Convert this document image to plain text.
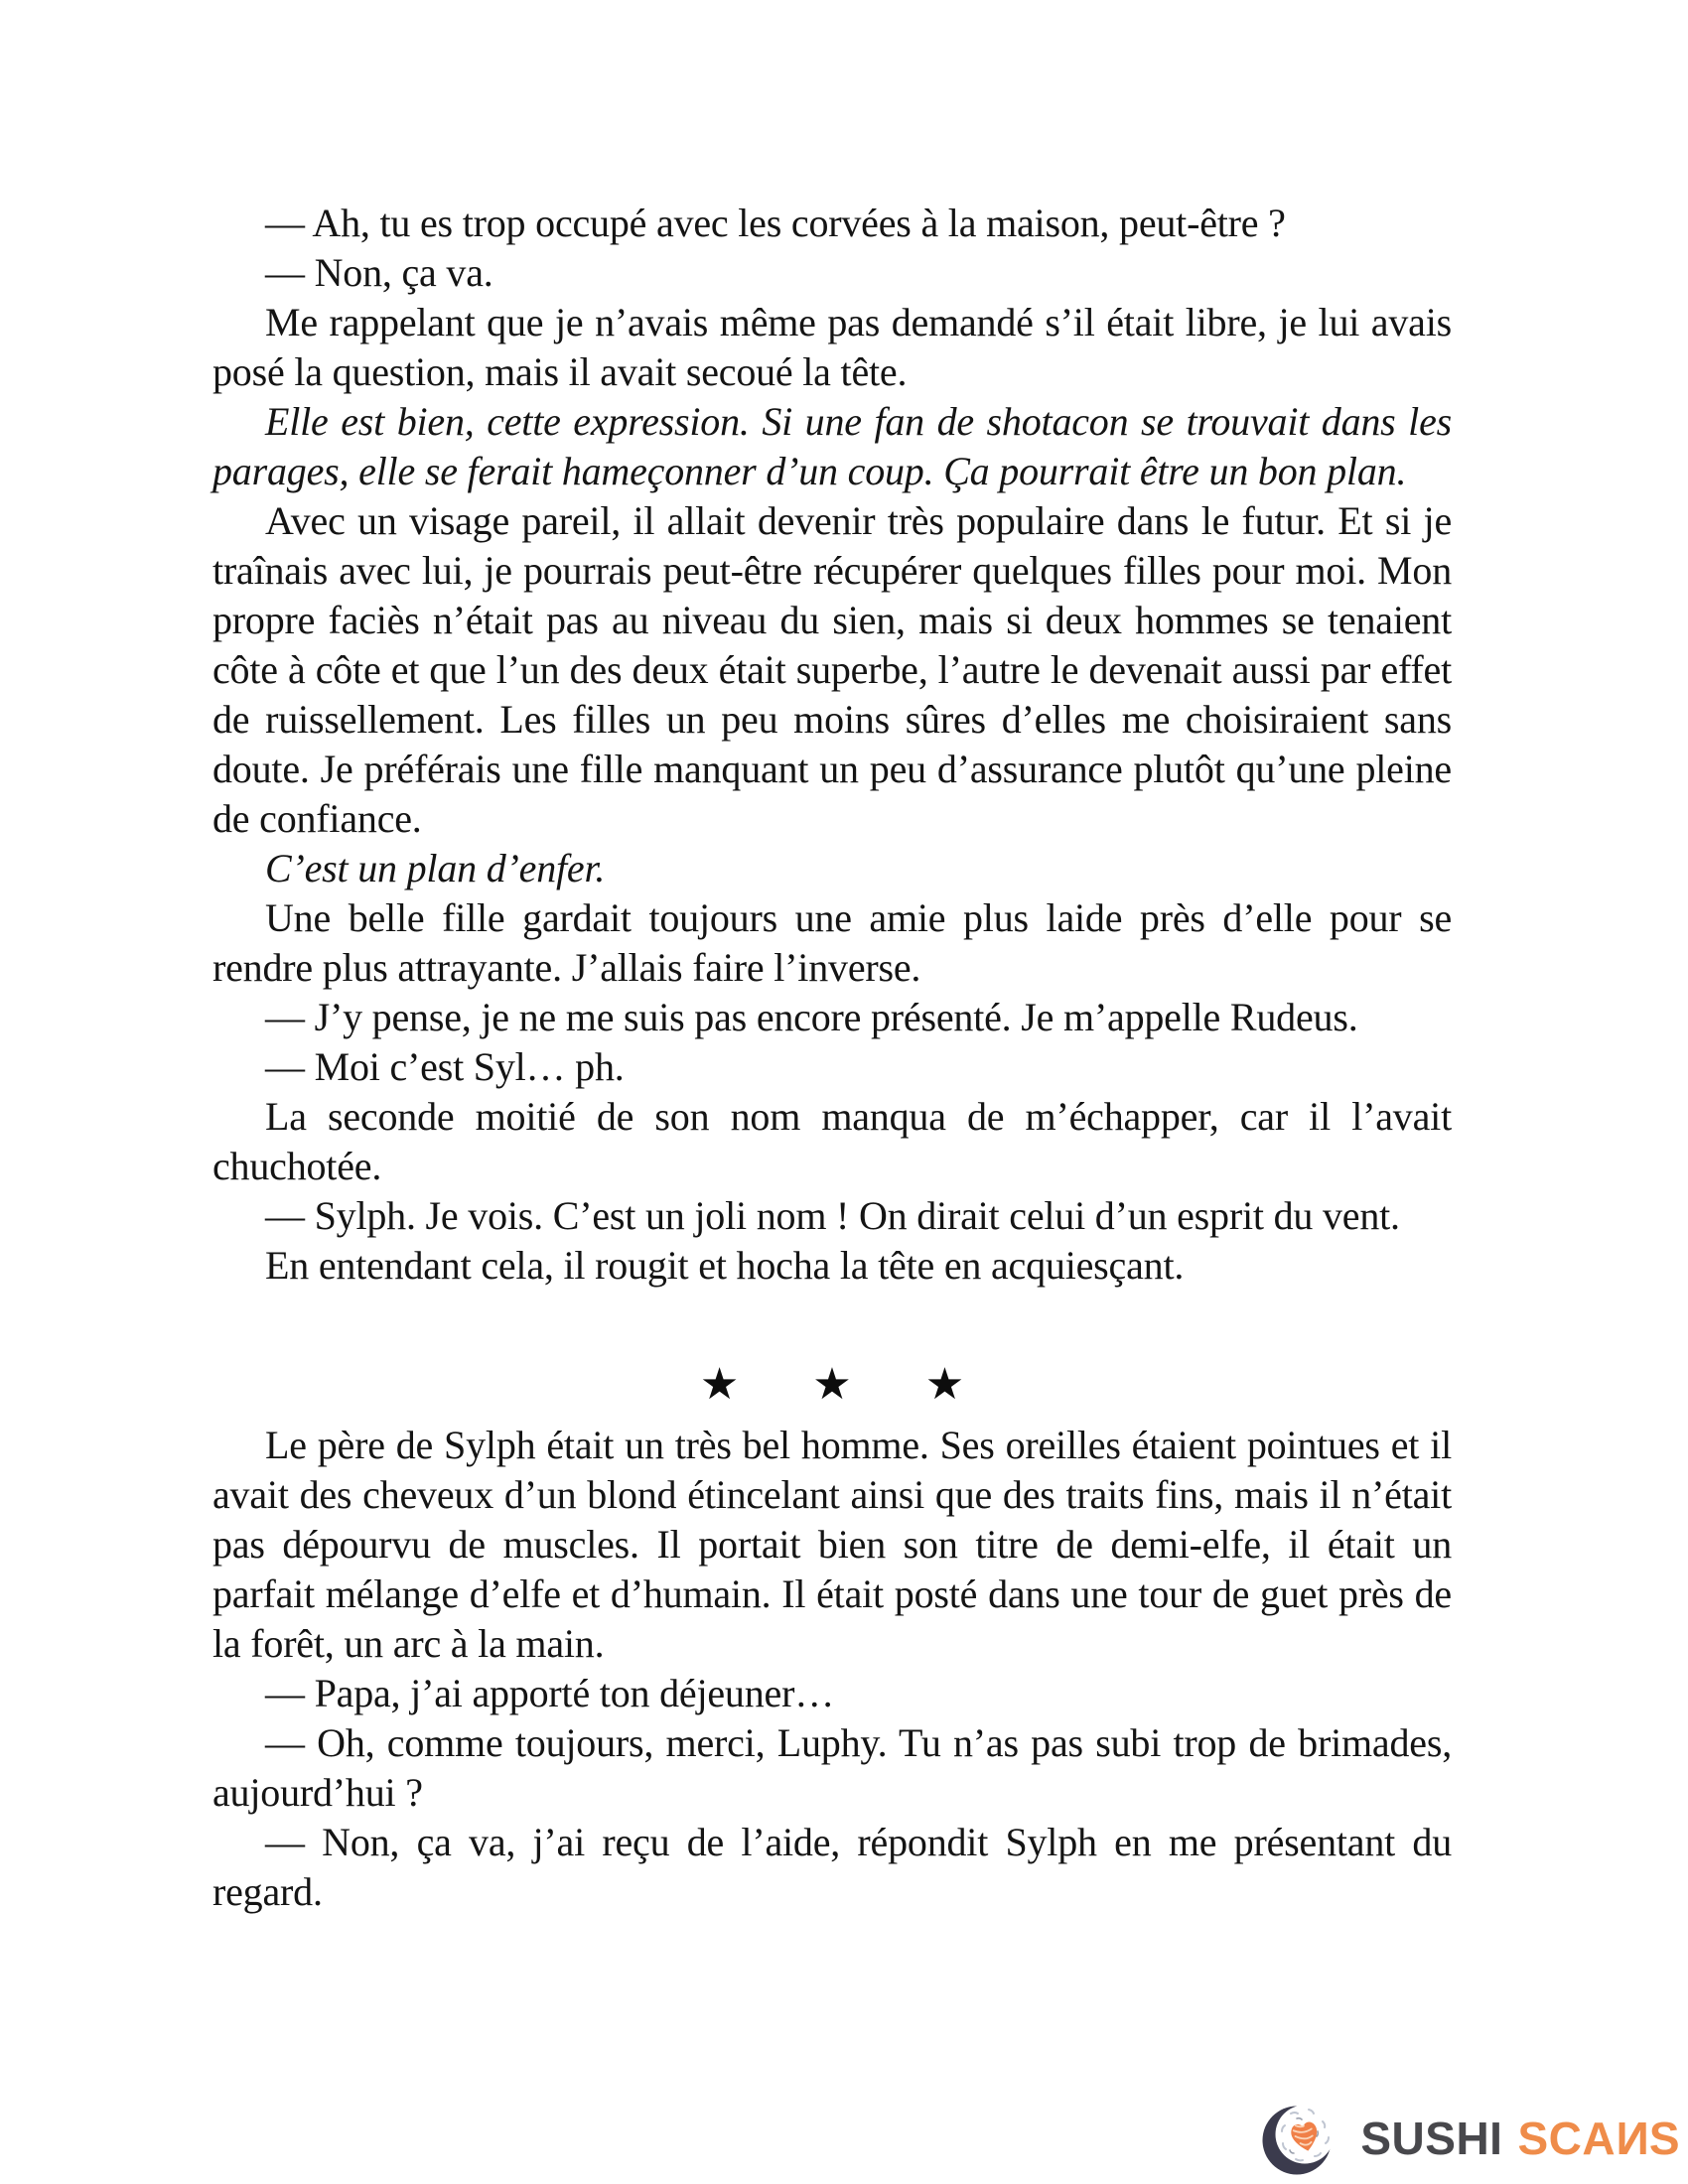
— Ah, tu es trop occupé avec les corvées à la maison, peut-être ?

— Non, ça va.

Me rappelant que je n’avais même pas demandé s’il était libre, je lui avais posé la question, mais il avait secoué la tête.

Elle est bien, cette expression. Si une fan de shotacon se trouvait dans les parages, elle se ferait hameçonner d’un coup. Ça pourrait être un bon plan.

Avec un visage pareil, il allait devenir très populaire dans le futur. Et si je traînais avec lui, je pourrais peut-être récupérer quelques filles pour moi. Mon propre faciès n’était pas au niveau du sien, mais si deux hommes se tenaient côte à côte et que l’un des deux était superbe, l’autre le devenait aussi par effet de ruissellement. Les filles un peu moins sûres d’elles me choisiraient sans doute. Je préférais une fille manquant un peu d’assurance plutôt qu’une pleine de confiance.

C’est un plan d’enfer.

Une belle fille gardait toujours une amie plus laide près d’elle pour se rendre plus attrayante. J’allais faire l’inverse.

— J’y pense, je ne me suis pas encore présenté. Je m’appelle Rudeus.

— Moi c’est Syl… ph.

La seconde moitié de son nom manqua de m’échapper, car il l’avait chuchotée.

— Sylph. Je vois. C’est un joli nom ! On dirait celui d’un esprit du vent.

En entendant cela, il rougit et hocha la tête en acquiesçant.

★ ★ ★

Le père de Sylph était un très bel homme. Ses oreilles étaient pointues et il avait des cheveux d’un blond étincelant ainsi que des traits fins, mais il n’était pas dépourvu de muscles. Il portait bien son titre de demi-elfe, il était un parfait mélange d’elfe et d’humain. Il était posté dans une tour de guet près de la forêt, un arc à la main.

— Papa, j’ai apporté ton déjeuner…

— Oh, comme toujours, merci, Luphy. Tu n’as pas subi trop de brimades, aujourd’hui ?

— Non, ça va, j’ai reçu de l’aide, répondit Sylph en me présentant du regard.

SUSHI SCANS
